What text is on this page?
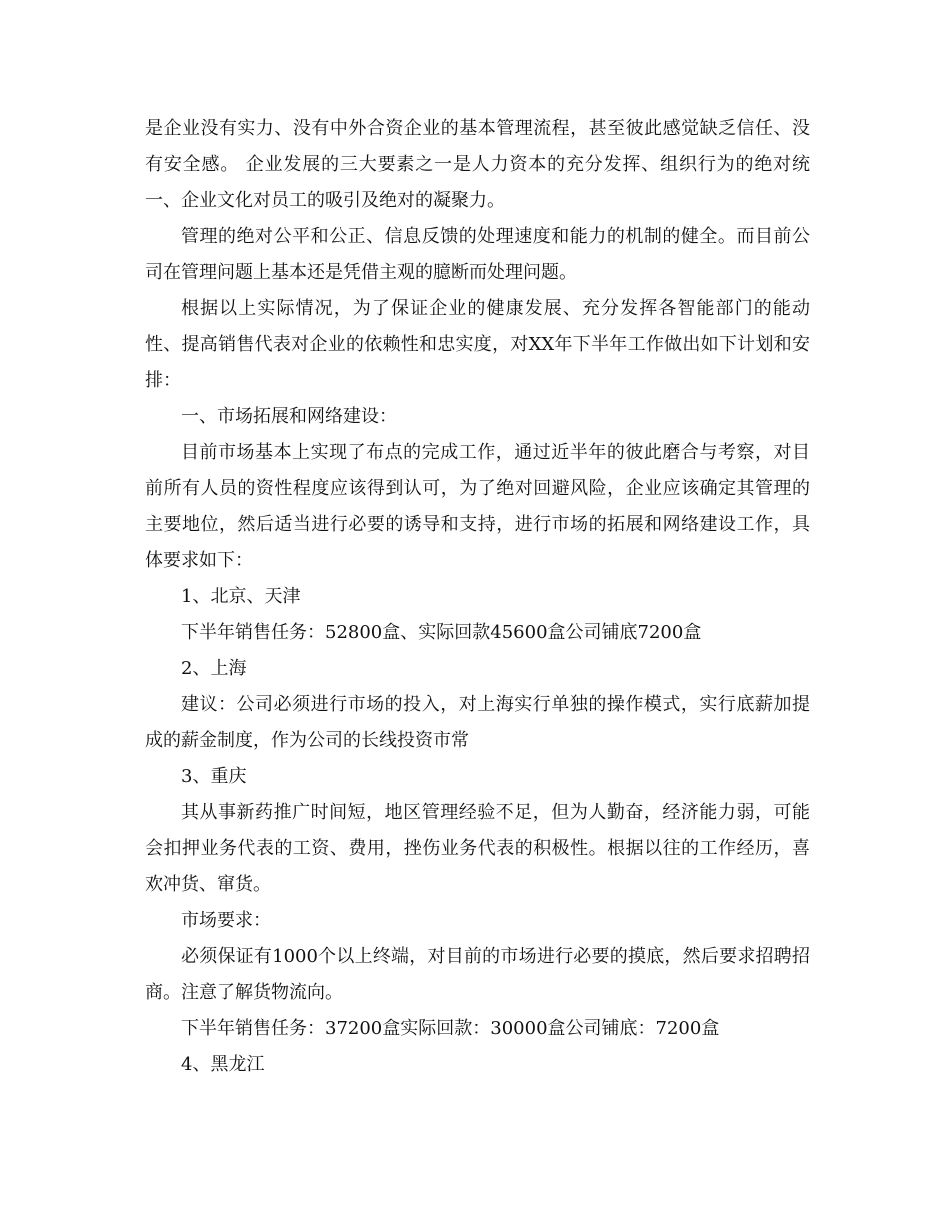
是企业没有实力、没有中外合资企业的基本管理流程，甚至彼此感觉缺乏信任、没有安全感。 企业发展的三大要素之一是人力资本的充分发挥、组织行为的绝对统一、企业文化对员工的吸引及绝对的凝聚力。

管理的绝对公平和公正、信息反馈的处理速度和能力的机制的健全。而目前公司在管理问题上基本还是凭借主观的臆断而处理问题。

根据以上实际情况，为了保证企业的健康发展、充分发挥各智能部门的能动性、提高销售代表对企业的依赖性和忠实度，对XX年下半年工作做出如下计划和安排：

一、市场拓展和网络建设：

目前市场基本上实现了布点的完成工作，通过近半年的彼此磨合与考察，对目前所有人员的资性程度应该得到认可，为了绝对回避风险，企业应该确定其管理的主要地位，然后适当进行必要的诱导和支持，进行市场的拓展和网络建设工作，具体要求如下：

1、北京、天津

下半年销售任务：52800盒、实际回款45600盒公司铺底7200盒

2、上海

建议：公司必须进行市场的投入，对上海实行单独的操作模式，实行底薪加提成的薪金制度，作为公司的长线投资市常

3、重庆

其从事新药推广时间短，地区管理经验不足，但为人勤奋，经济能力弱，可能会扣押业务代表的工资、费用，挫伤业务代表的积极性。根据以往的工作经历，喜欢冲货、窜货。

市场要求：

必须保证有1000个以上终端，对目前的市场进行必要的摸底，然后要求招聘招商。注意了解货物流向。

下半年销售任务：37200盒实际回款：30000盒公司铺底：7200盒

4、黑龙江
